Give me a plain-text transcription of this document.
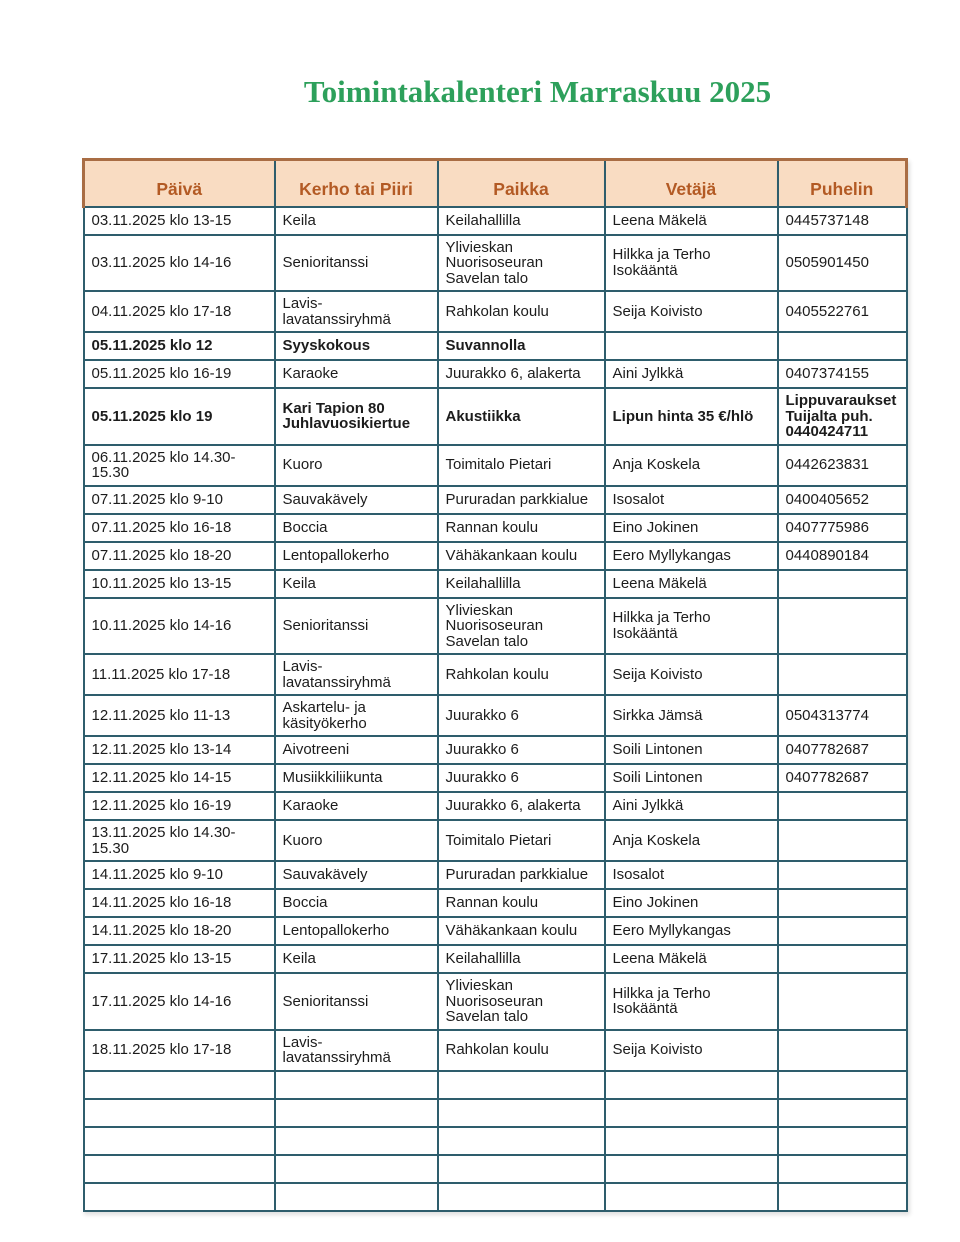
Toimintakalenteri Marraskuu 2025
Päivä	Kerho tai Piiri	Paikka	Vetäjä	Puhelin
03.11.2025 klo 13-15	Keila	Keilahallilla	Leena Mäkelä	0445737148
03.11.2025 klo 14-16	Senioritanssi	Ylivieskan Nuorisoseuran Savelan talo	Hilkka ja Terho Isokääntä	0505901450
04.11.2025 klo 17-18	Lavis-lavatanssiryhmä	Rahkolan koulu	Seija Koivisto	0405522761
05.11.2025 klo 12	Syyskokous	Suvannolla		
05.11.2025 klo 16-19	Karaoke	Juurakko 6, alakerta	Aini Jylkkä	0407374155
05.11.2025 klo 19	Kari Tapion 80 Juhlavuosikiertue	Akustiikka	Lipun hinta 35 €/hlö	Lippuvaraukset Tuijalta puh. 0440424711
06.11.2025 klo 14.30-15.30	Kuoro	Toimitalo Pietari	Anja Koskela	0442623831
07.11.2025 klo 9-10	Sauvakävely	Pururadan parkkialue	Isosalot	0400405652
07.11.2025 klo 16-18	Boccia	Rannan koulu	Eino Jokinen	0407775986
07.11.2025 klo 18-20	Lentopallokerho	Vähäkankaan koulu	Eero Myllykangas	0440890184
10.11.2025 klo 13-15	Keila	Keilahallilla	Leena Mäkelä	
10.11.2025 klo 14-16	Senioritanssi	Ylivieskan Nuorisoseuran Savelan talo	Hilkka ja Terho Isokääntä	
11.11.2025 klo 17-18	Lavis-lavatanssiryhmä	Rahkolan koulu	Seija Koivisto	
12.11.2025 klo 11-13	Askartelu- ja käsityökerho	Juurakko 6	Sirkka Jämsä	0504313774
12.11.2025 klo 13-14	Aivotreeni	Juurakko 6	Soili Lintonen	0407782687
12.11.2025 klo 14-15	Musiikkiliikunta	Juurakko 6	Soili Lintonen	0407782687
12.11.2025 klo 16-19	Karaoke	Juurakko 6, alakerta	Aini Jylkkä	
13.11.2025 klo 14.30-15.30	Kuoro	Toimitalo Pietari	Anja Koskela	
14.11.2025 klo 9-10	Sauvakävely	Pururadan parkkialue	Isosalot	
14.11.2025 klo 16-18	Boccia	Rannan koulu	Eino Jokinen	
14.11.2025 klo 18-20	Lentopallokerho	Vähäkankaan koulu	Eero Myllykangas	
17.11.2025 klo 13-15	Keila	Keilahallilla	Leena Mäkelä	
17.11.2025 klo 14-16	Senioritanssi	Ylivieskan Nuorisoseuran Savelan talo	Hilkka ja Terho Isokääntä	
18.11.2025 klo 17-18	Lavis-lavatanssiryhmä	Rahkolan koulu	Seija Koivisto	
